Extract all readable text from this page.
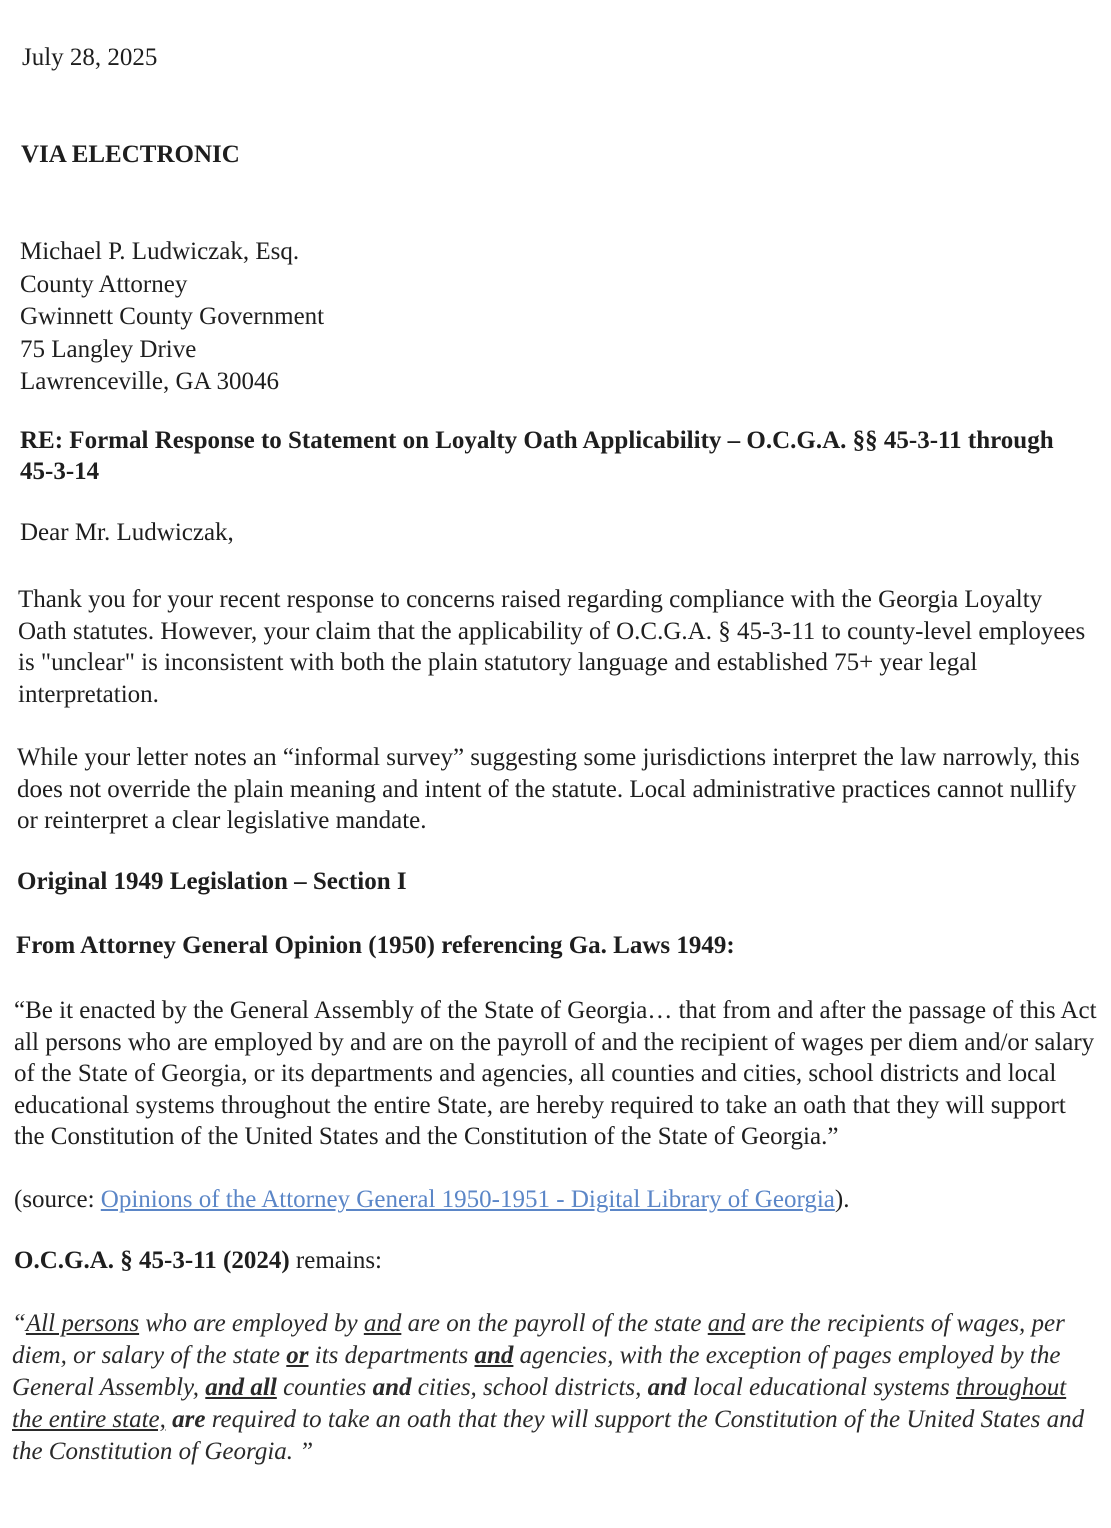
July 28, 2025
VIA ELECTRONIC
Michael P. Ludwiczak, Esq.
County Attorney
Gwinnett County Government
75 Langley Drive
Lawrenceville, GA 30046
RE: Formal Response to Statement on Loyalty Oath Applicability – O.C.G.A. §§ 45-3-11 through 45-3-14
Dear Mr. Ludwiczak,

Thank you for your recent response to concerns raised regarding compliance with the Georgia Loyalty Oath statutes. However, your claim that the applicability of O.C.G.A. § 45-3-11 to county-level employees is "unclear" is inconsistent with both the plain statutory language and established 75+ year legal interpretation.

While your letter notes an “informal survey” suggesting some jurisdictions interpret the law narrowly, this does not override the plain meaning and intent of the statute. Local administrative practices cannot nullify or reinterpret a clear legislative mandate.

Original 1949 Legislation – Section I
From Attorney General Opinion (1950) referencing Ga. Laws 1949:

“Be it enacted by the General Assembly of the State of Georgia… that from and after the passage of this Act all persons who are employed by and are on the payroll of and the recipient of wages per diem and/or salary of the State of Georgia, or its departments and agencies, all counties and cities, school districts and local educational systems throughout the entire State, are hereby required to take an oath that they will support the Constitution of the United States and the Constitution of the State of Georgia.”

(source: Opinions of the Attorney General 1950-1951 - Digital Library of Georgia).
O.C.G.A. § 45-3-11 (2024) remains:

“All persons who are employed by and are on the payroll of the state and are the recipients of wages, per diem, or salary of the state or its departments and agencies, with the exception of pages employed by the General Assembly, and all counties and cities, school districts, and local educational systems throughout the entire state, are required to take an oath that they will support the Constitution of the United States and the Constitution of Georgia. ”
